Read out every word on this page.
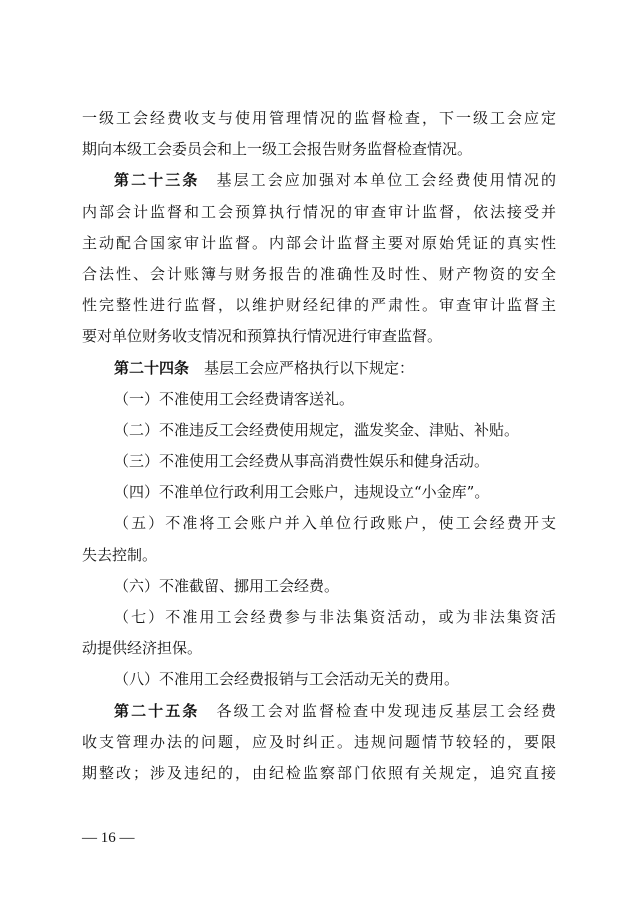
一级工会经费收支与使用管理情况的监督检查，下一级工会应定
期向本级工会委员会和上一级工会报告财务监督检查情况。
第二十三条　基层工会应加强对本单位工会经费使用情况的
内部会计监督和工会预算执行情况的审查审计监督，依法接受并
主动配合国家审计监督。内部会计监督主要对原始凭证的真实性
合法性、会计账簿与财务报告的准确性及时性、财产物资的安全
性完整性进行监督，以维护财经纪律的严肃性。审查审计监督主
要对单位财务收支情况和预算执行情况进行审查监督。
第二十四条　基层工会应严格执行以下规定：
（一）不准使用工会经费请客送礼。
（二）不准违反工会经费使用规定，滥发奖金、津贴、补贴。
（三）不准使用工会经费从事高消费性娱乐和健身活动。
（四）不准单位行政利用工会账户，违规设立“小金库”。
（五）不准将工会账户并入单位行政账户，使工会经费开支
失去控制。
（六）不准截留、挪用工会经费。
（七）不准用工会经费参与非法集资活动，或为非法集资活
动提供经济担保。
（八）不准用工会经费报销与工会活动无关的费用。
第二十五条　各级工会对监督检查中发现违反基层工会经费
收支管理办法的问题，应及时纠正。违规问题情节较轻的，要限
期整改；涉及违纪的，由纪检监察部门依照有关规定，追究直接
— 16 —
